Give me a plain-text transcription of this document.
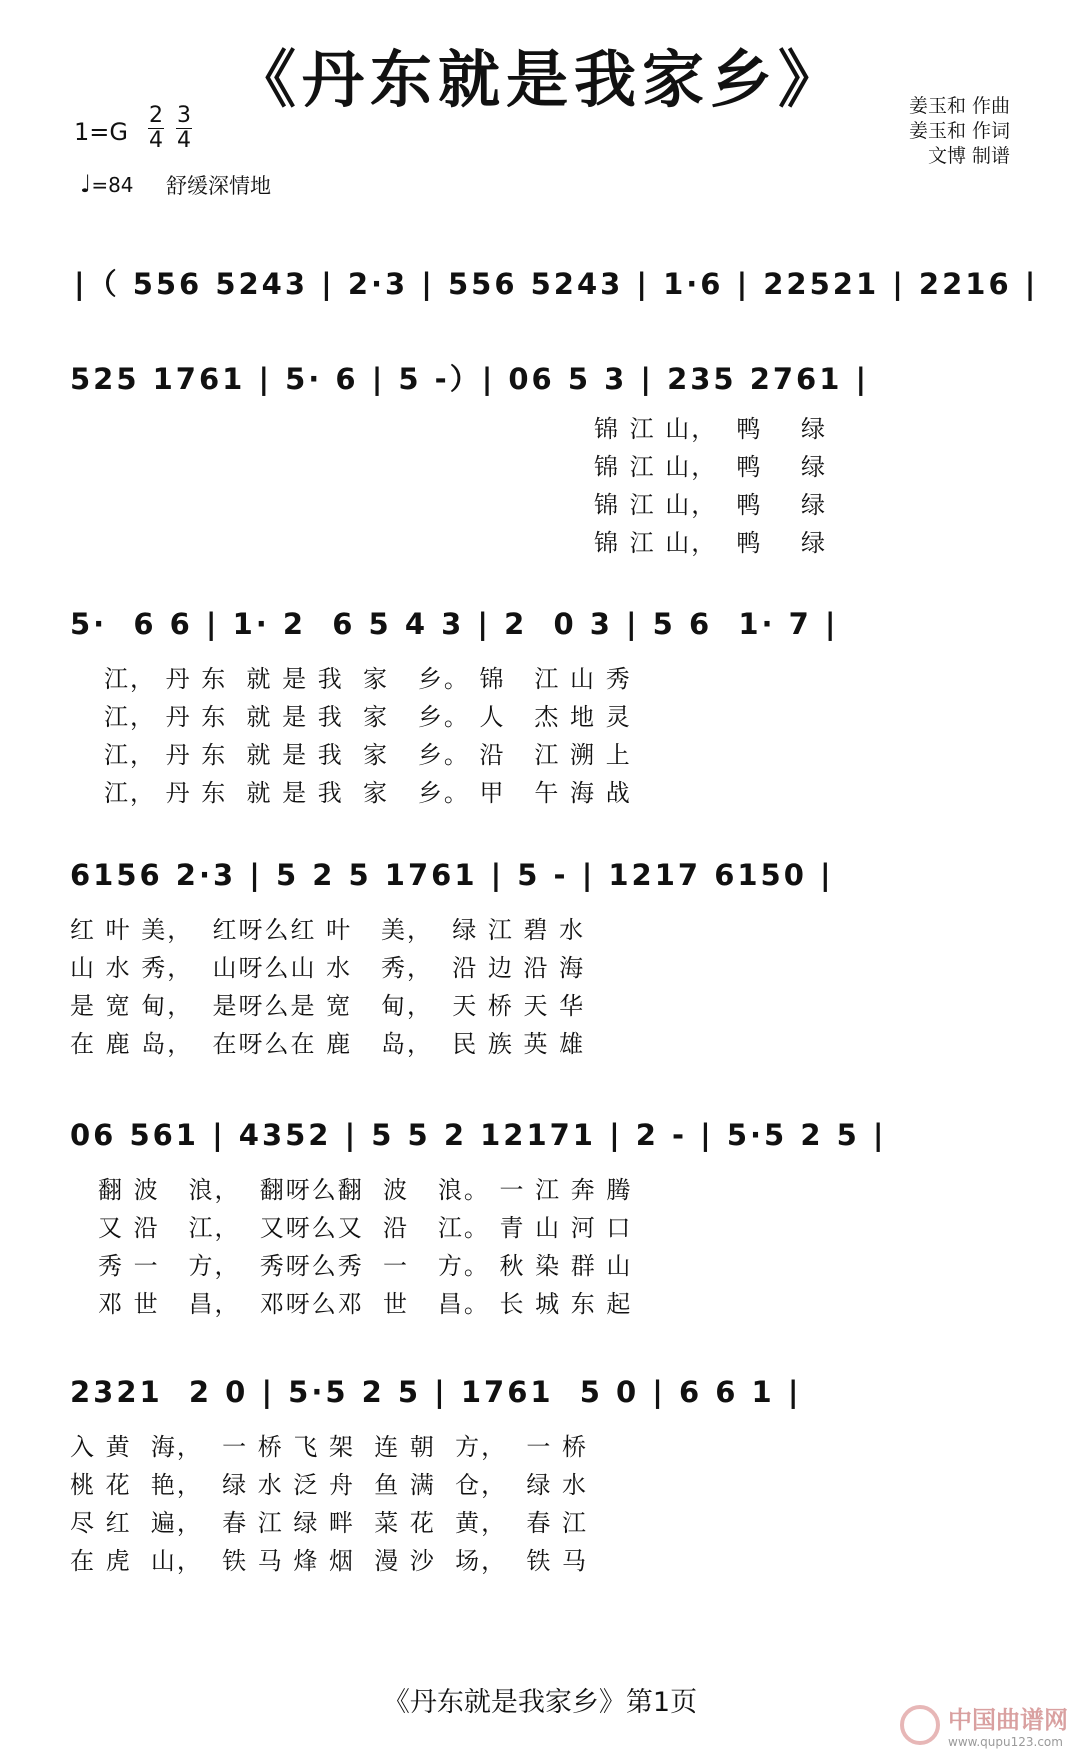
《丹东就是我家乡》
$1=G \frac{2}{4} \frac{3}{4}$
♩=84 舒缓深情地
姜玉和 作曲
姜玉和 作词
文博 制谱
|（ 556 5243 | 2·3 | 556 5243 | 1·6 | 22521 | 2216 |
525 1761 | 5· 6 | 5 -）| 06 5 3 | 235 2761 |
锦 江 山，  鸭    绿
锦 江 山，  鸭    绿
锦 江 山，  鸭    绿
锦 江 山，  鸭    绿
5·  6 6 | 1· 2  6 5 4 3 | 2  0 3 | 5 6  1· 7 |
江， 丹 东  就 是 我  家   乡。 锦   江 山 秀
江， 丹 东  就 是 我  家   乡。 人   杰 地 灵
江， 丹 东  就 是 我  家   乡。 沿   江 溯 上
江， 丹 东  就 是 我  家   乡。 甲   午 海 战
6156 2·3 | 5 2 5 1761 | 5 - | 1217 6150 |
红 叶 美，  红呀么红 叶   美，  绿 江 碧 水
山 水 秀，  山呀么山 水   秀，  沿 边 沿 海
是 宽 甸，  是呀么是 宽   甸，  天 桥 天 华
在 鹿 岛，  在呀么在 鹿   岛，  民 族 英 雄
06 561 | 4352 | 5 5 2 12171 | 2 - | 5·5 2 5 |
翻 波   浪，  翻呀么翻  波   浪。 一 江 奔 腾
又 沿   江，  又呀么又  沿   江。 青 山 河 口
秀 一   方，  秀呀么秀  一   方。 秋 染 群 山
邓 世   昌，  邓呀么邓  世   昌。 长 城 东 起
2321  2 0 | 5·5 2 5 | 1761  5 0 | 6 6 1 |
入 黄  海，  一 桥 飞 架  连 朝  方，  一 桥
桃 花  艳，  绿 水 泛 舟  鱼 满  仓，  绿 水
尽 红  遍，  春 江 绿 畔  菜 花  黄，  春 江
在 虎  山，  铁 马 烽 烟  漫 沙  场，  铁 马
《丹东就是我家乡》第1页
中国曲谱网
www.qupu123.com
